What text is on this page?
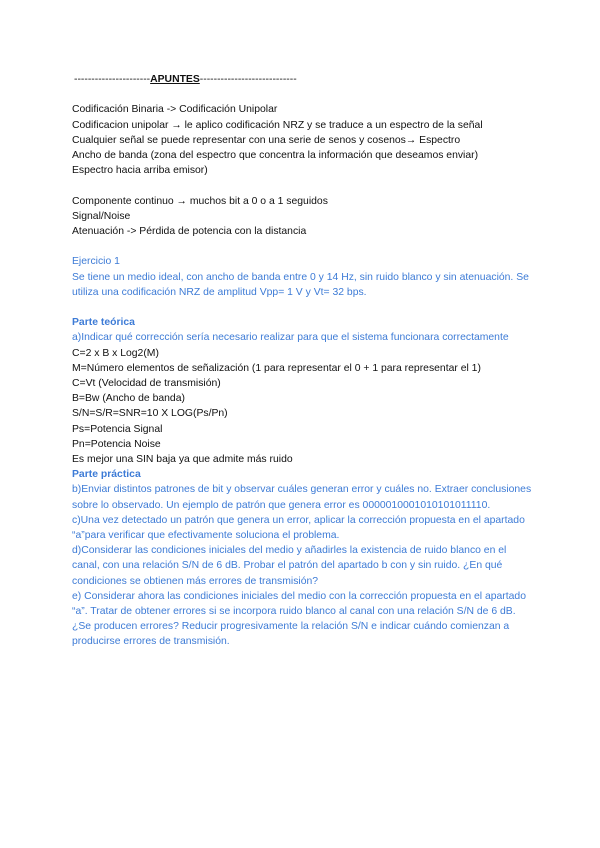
----------------------APUNTES----------------------------
Codificación Binaria -> Codificación Unipolar
Codificacion unipolar → le aplico codificación NRZ y se traduce a un espectro de la señal
Cualquier señal se puede representar con una serie de senos y cosenos→ Espectro
Ancho de banda (zona del espectro que concentra la información que deseamos enviar)
Espectro hacia arriba emisor)
Componente continuo → muchos bit a 0 o a 1 seguidos
Signal/Noise
Atenuación -> Pérdida de potencia con la distancia
Ejercicio 1
Se tiene un medio ideal, con ancho de banda entre 0 y 14 Hz, sin ruido blanco y sin atenuación. Se utiliza una codificación NRZ de amplitud Vpp= 1 V y Vt= 32 bps.
Parte teórica
a)Indicar qué corrección sería necesario realizar para que el sistema funcionara correctamente
C=2 x B x Log2(M)
M=Número elementos de señalización (1 para representar el 0 + 1 para representar el 1)
C=Vt (Velocidad de transmisión)
B=Bw (Ancho de banda)
S/N=S/R=SNR=10 X LOG(Ps/Pn)
Ps=Potencia Signal
Pn=Potencia Noise
Es mejor una SIN baja ya que admite más ruido
Parte práctica
b)Enviar distintos patrones de bit y observar cuáles generan error y cuáles no. Extraer conclusiones sobre lo observado. Un ejemplo de patrón que genera error es 0000010001010101011110.
c)Una vez detectado un patrón que genera un error, aplicar la corrección propuesta en el apartado “a”para verificar que efectivamente soluciona el problema.
d)Considerar las condiciones iniciales del medio y añadirles la existencia de ruido blanco en el canal, con una relación S/N de 6 dB. Probar el patrón del apartado b con y sin ruido. ¿En qué condiciones se obtienen más errores de transmisión?
e) Considerar ahora las condiciones iniciales del medio con la corrección propuesta en el apartado “a”. Tratar de obtener errores si se incorpora ruido blanco al canal con una relación S/N de 6 dB. ¿Se producen errores? Reducir progresivamente la relación S/N e indicar cuándo comienzan a producirse errores de transmisión.
